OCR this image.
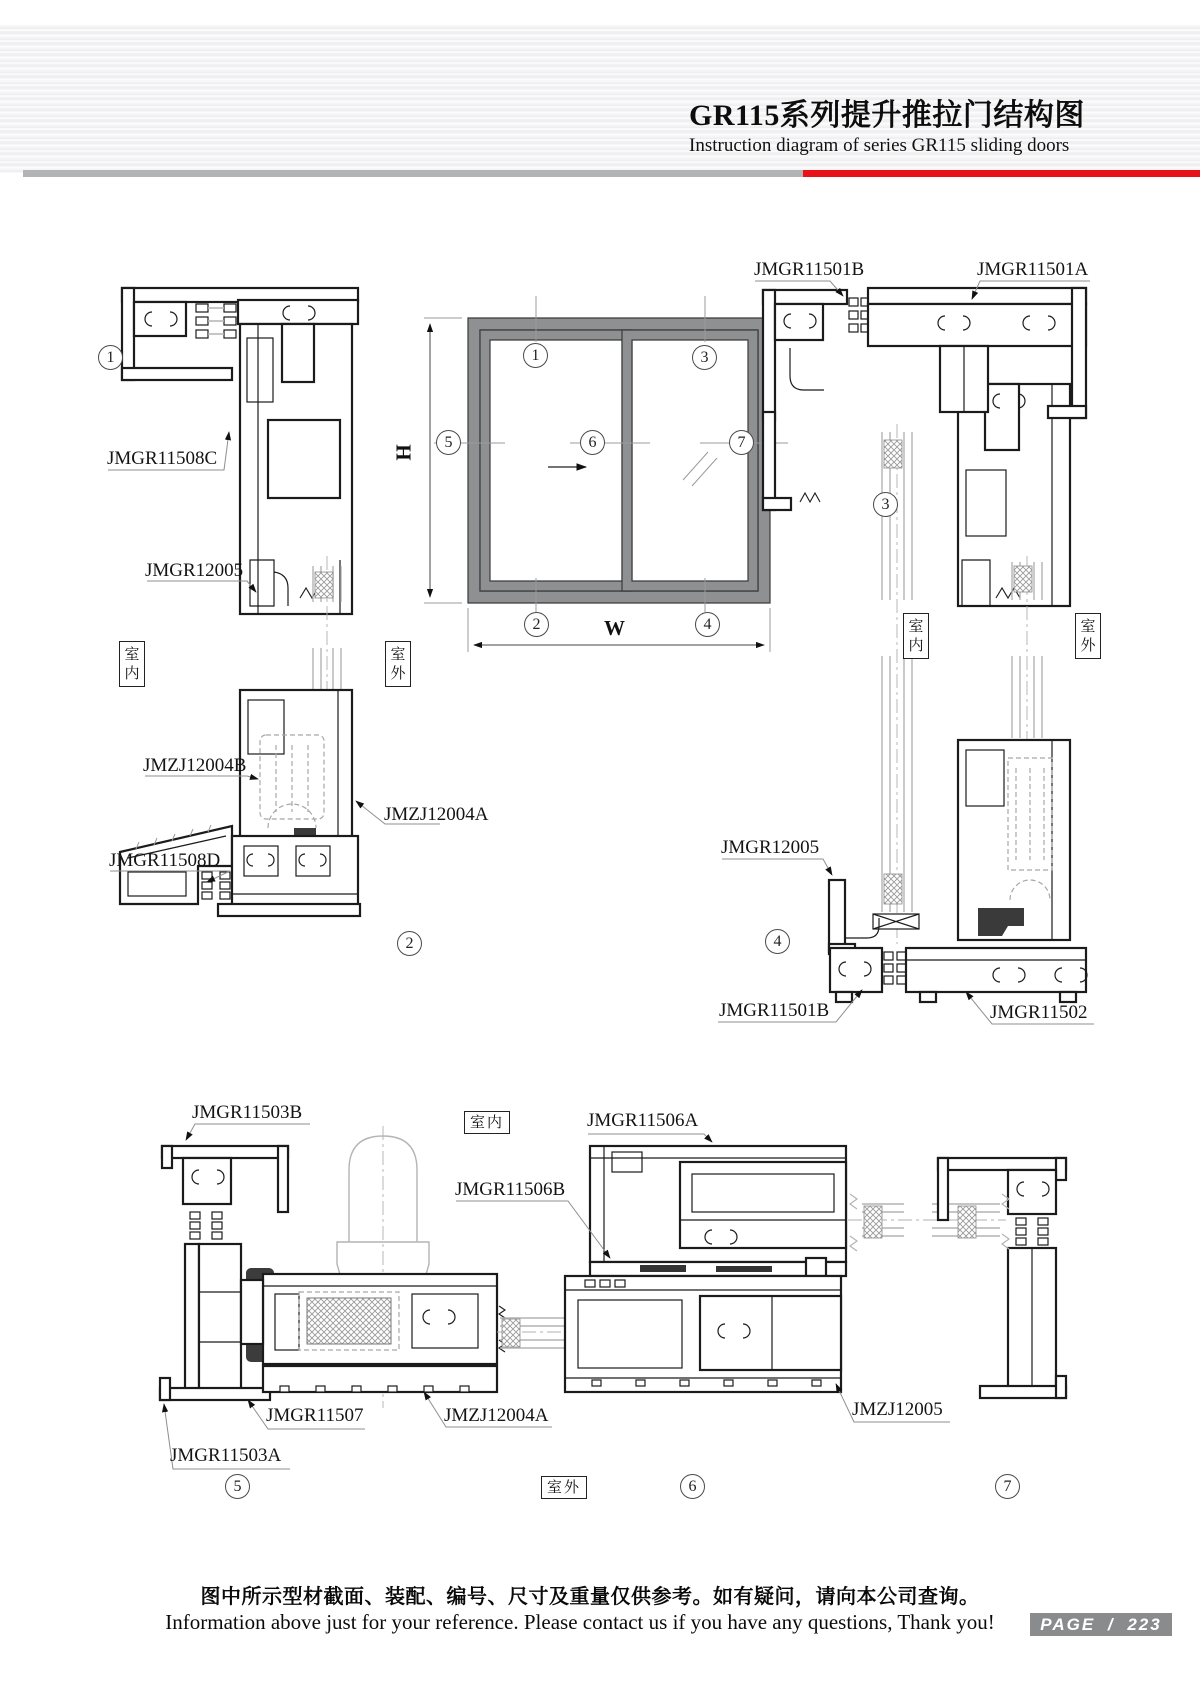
GR115系列提升推拉门结构图
Instruction diagram of series GR115 sliding doors
JMGR11508C
JMGR12005
JMZJ12004B
JMZJ12004A
JMGR11508D
JMGR11501B	JMGR11501A
JMGR12005
JMGR11501B	JMGR11502
JMGR11503B	JMGR11506A
JMGR11506B
JMGR11507	JMZJ12004A
JMGR11503A
JMZJ12005
室内
室外
室内
室外
室内
室外
1
2
3
4
5	6	7
1	3
5	6	7
2	4
H
W
图中所示型材截面、装配、编号、尺寸及重量仅供参考。如有疑问，请向本公司查询。
Information above just for your reference. Please contact us if you have any questions, Thank you!	PAGE / 223
